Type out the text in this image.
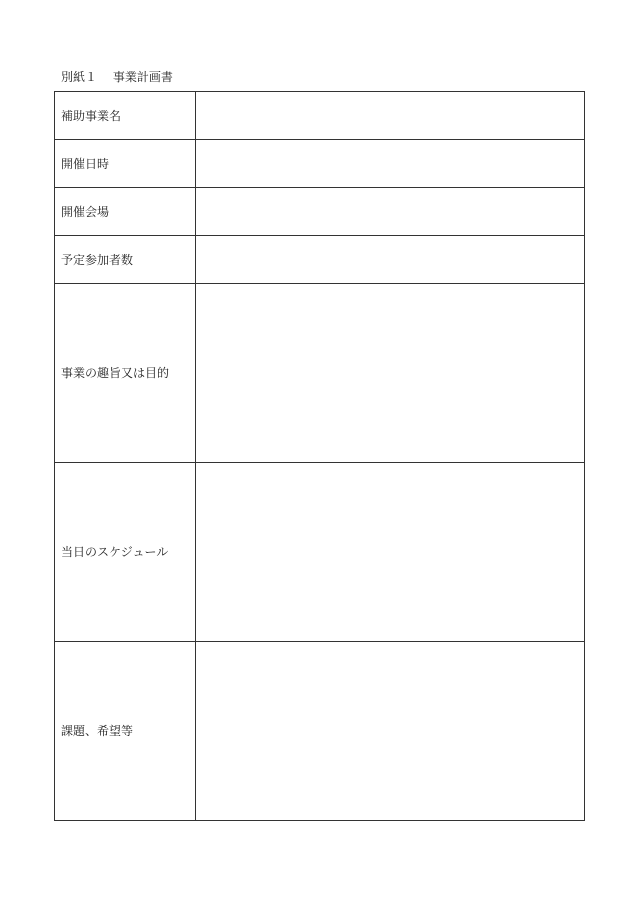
別紙１　 事業計画書
補助事業名	
開催日時	
開催会場	
予定参加者数	
事業の趣旨又は目的	
当日のスケジュール	
課題、希望等	
